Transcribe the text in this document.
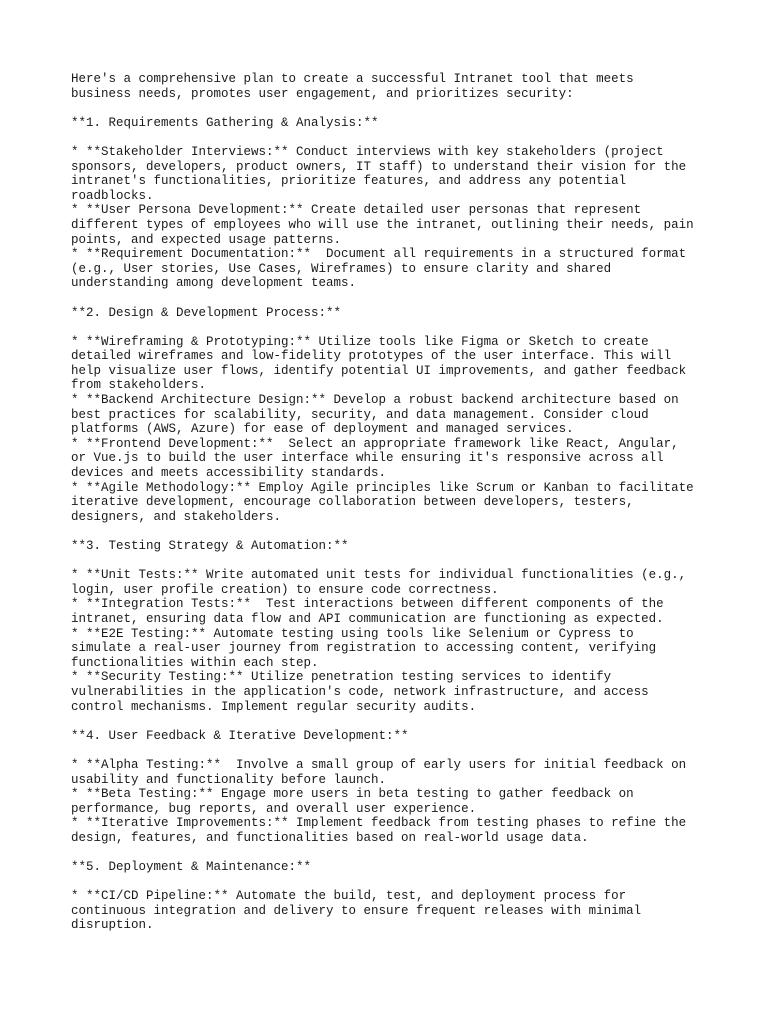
Here's a comprehensive plan to create a successful Intranet tool that meets
business needs, promotes user engagement, and prioritizes security:

**1. Requirements Gathering & Analysis:**

* **Stakeholder Interviews:** Conduct interviews with key stakeholders (project
sponsors, developers, product owners, IT staff) to understand their vision for the
intranet's functionalities, prioritize features, and address any potential
roadblocks.

* **User Persona Development:** Create detailed user personas that represent
different types of employees who will use the intranet, outlining their needs, pain
points, and expected usage patterns.

* **Requirement Documentation:**  Document all requirements in a structured format
(e.g., User stories, Use Cases, Wireframes) to ensure clarity and shared
understanding among development teams.

**2. Design & Development Process:**

* **Wireframing & Prototyping:** Utilize tools like Figma or Sketch to create
detailed wireframes and low-fidelity prototypes of the user interface. This will
help visualize user flows, identify potential UI improvements, and gather feedback
from stakeholders.

* **Backend Architecture Design:** Develop a robust backend architecture based on
best practices for scalability, security, and data management. Consider cloud
platforms (AWS, Azure) for ease of deployment and managed services.

* **Frontend Development:**  Select an appropriate framework like React, Angular,
or Vue.js to build the user interface while ensuring it's responsive across all
devices and meets accessibility standards.

* **Agile Methodology:** Employ Agile principles like Scrum or Kanban to facilitate
iterative development, encourage collaboration between developers, testers,
designers, and stakeholders.

**3. Testing Strategy & Automation:**

* **Unit Tests:** Write automated unit tests for individual functionalities (e.g.,
login, user profile creation) to ensure code correctness.

* **Integration Tests:**  Test interactions between different components of the
intranet, ensuring data flow and API communication are functioning as expected.

* **E2E Testing:** Automate testing using tools like Selenium or Cypress to
simulate a real-user journey from registration to accessing content, verifying
functionalities within each step.

* **Security Testing:** Utilize penetration testing services to identify
vulnerabilities in the application's code, network infrastructure, and access
control mechanisms. Implement regular security audits.

**4. User Feedback & Iterative Development:**

* **Alpha Testing:**  Involve a small group of early users for initial feedback on
usability and functionality before launch.

* **Beta Testing:** Engage more users in beta testing to gather feedback on
performance, bug reports, and overall user experience.

* **Iterative Improvements:** Implement feedback from testing phases to refine the
design, features, and functionalities based on real-world usage data.

**5. Deployment & Maintenance:**

* **CI/CD Pipeline:** Automate the build, test, and deployment process for
continuous integration and delivery to ensure frequent releases with minimal
disruption.
